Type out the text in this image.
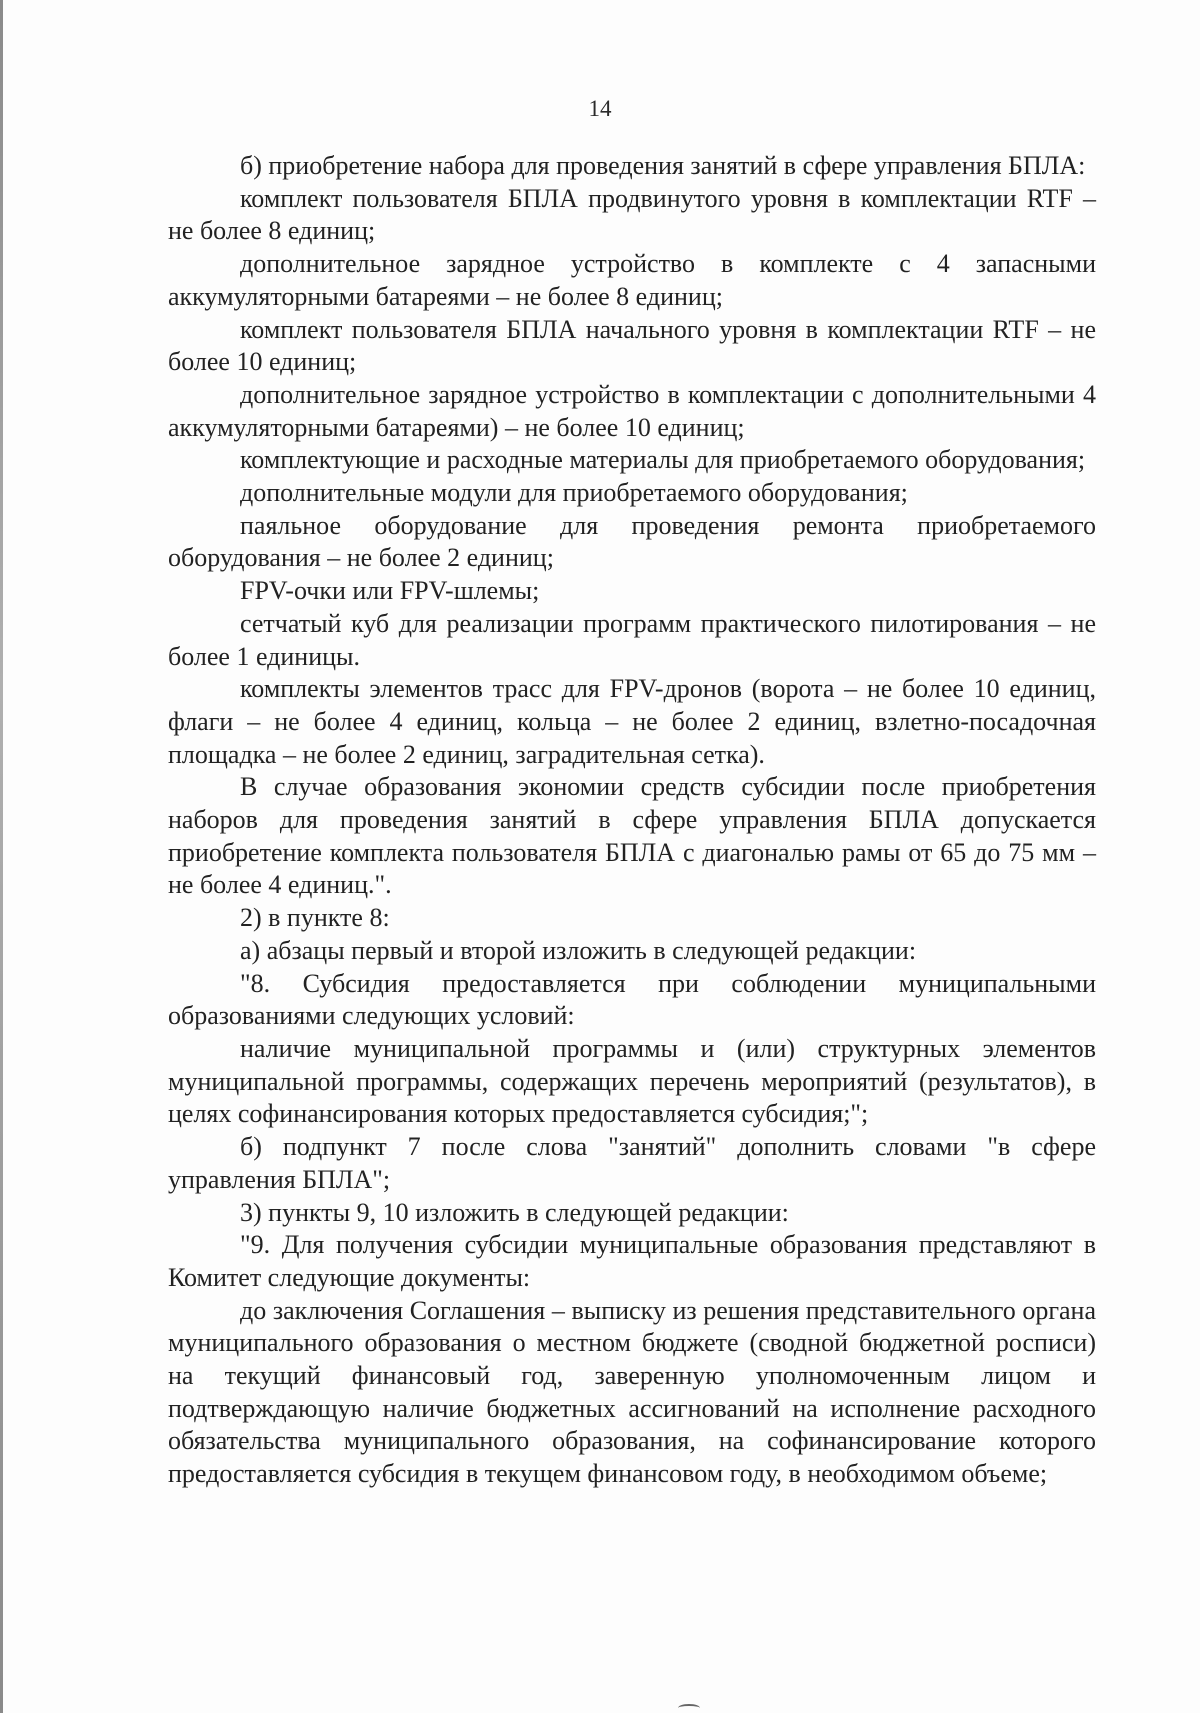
14

б) приобретение набора для проведения занятий в сфере управления БПЛА:

комплект пользователя БПЛА продвинутого уровня в комплектации RTF – не более 8 единиц;

дополнительное зарядное устройство в комплекте с 4 запасными аккумуляторными батареями – не более 8 единиц;

комплект пользователя БПЛА начального уровня в комплектации RTF – не более 10 единиц;

дополнительное зарядное устройство в комплектации с дополнительными 4 аккумуляторными батареями) – не более 10 единиц;

комплектующие и расходные материалы для приобретаемого оборудования;

дополнительные модули для приобретаемого оборудования;

паяльное оборудование для проведения ремонта приобретаемого оборудования – не более 2 единиц;

FPV-очки или FPV-шлемы;

сетчатый куб для реализации программ практического пилотирования – не более 1 единицы.

комплекты элементов трасс для FPV-дронов (ворота – не более 10 единиц, флаги – не более 4 единиц, кольца – не более 2 единиц, взлетно-посадочная площадка – не более 2 единиц, заградительная сетка).

В случае образования экономии средств субсидии после приобретения наборов для проведения занятий в сфере управления БПЛА допускается приобретение комплекта пользователя БПЛА с диагональю рамы от 65 до 75 мм – не более 4 единиц.".

2) в пункте 8:

а) абзацы первый и второй изложить в следующей редакции:

"8. Субсидия предоставляется при соблюдении муниципальными образованиями следующих условий:

наличие муниципальной программы и (или) структурных элементов муниципальной программы, содержащих перечень мероприятий (результатов), в целях софинансирования которых предоставляется субсидия;";

б) подпункт 7 после слова "занятий" дополнить словами "в сфере управления БПЛА";

3) пункты 9, 10 изложить в следующей редакции:

"9. Для получения субсидии муниципальные образования представляют в Комитет следующие документы:

до заключения Соглашения – выписку из решения представительного органа муниципального образования о местном бюджете (сводной бюджетной росписи) на текущий финансовый год, заверенную уполномоченным лицом и подтверждающую наличие бюджетных ассигнований на исполнение расходного обязательства муниципального образования, на софинансирование которого предоставляется субсидия в текущем финансовом году, в необходимом объеме;
